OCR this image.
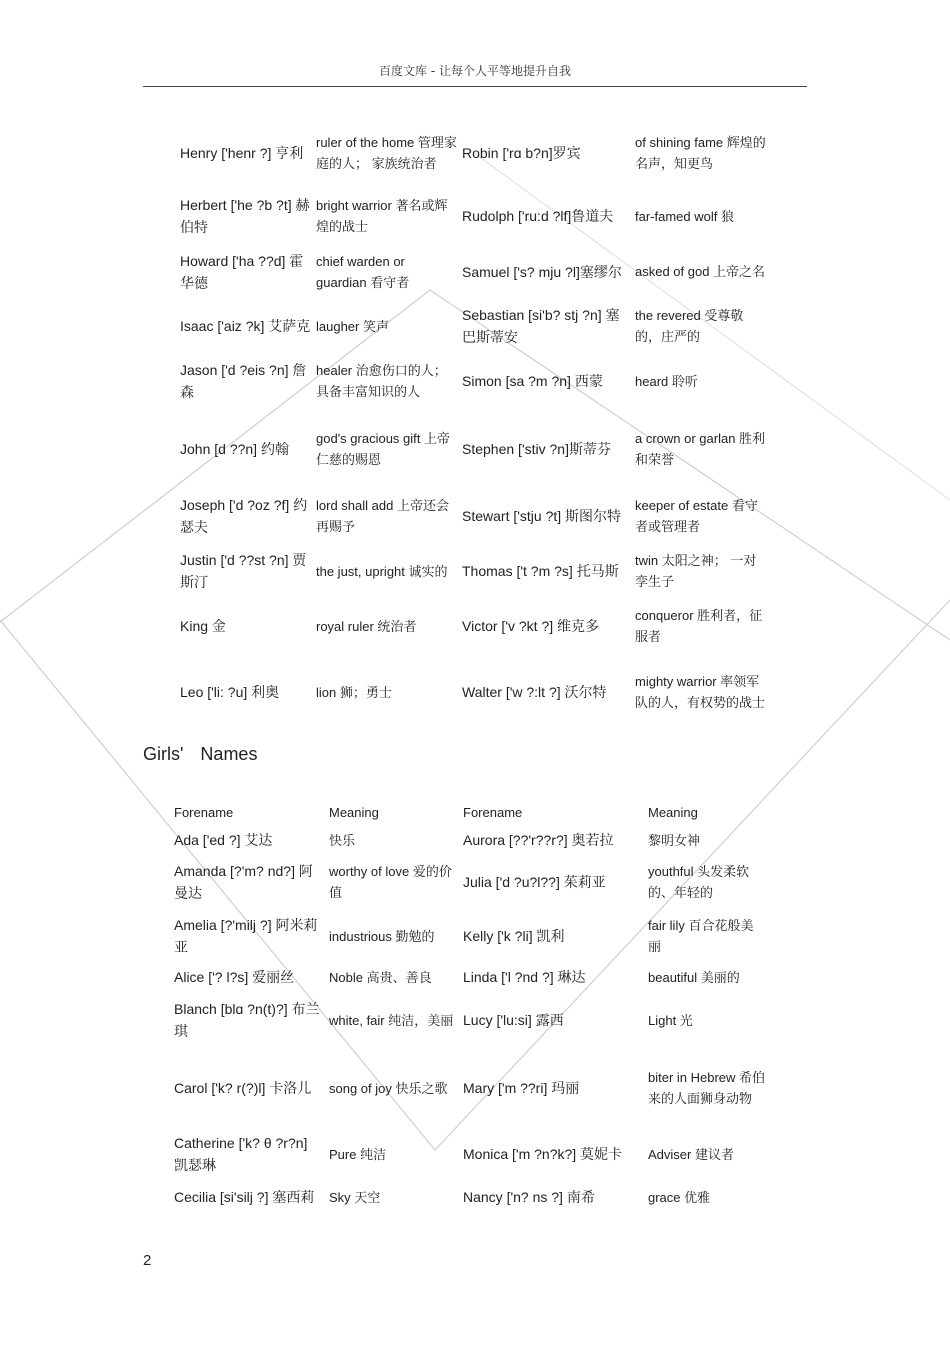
百度文库 - 让每个人平等地提升自我
Henry ['henr ?] 亨利	ruler of the home 管理家庭的人； 家族统治者	Robin ['rɑ b?n]罗宾	of shining fame 辉煌的名声，知更鸟
Herbert ['he ?b ?t] 赫伯特	bright warrior 著名或辉煌的战士	Rudolph ['ru:d ?lf]鲁道夫	far-famed wolf 狼
Howard ['ha ??d] 霍华德	chief warden or guardian 看守者	Samuel ['s? mju ?l]塞缪尔	asked of god 上帝之名
Isaac ['aiz ?k] 艾萨克	laugher 笑声	Sebastian [si'b? stj ?n] 塞巴斯蒂安	the revered 受尊敬的，庄严的
Jason ['d ?eis ?n] 詹森	healer 治愈伤口的人； 具备丰富知识的人	Simon [sa ?m ?n] 西蒙	heard 聆听
John [d ??n] 约翰	god's gracious gift 上帝仁慈的赐恩	Stephen ['stiv ?n]斯蒂芬	a crown or garlan 胜利和荣誉
Joseph ['d ?oz ?f] 约瑟夫	lord shall add 上帝还会再赐予	Stewart ['stju ?t] 斯图尔特	keeper of estate 看守者或管理者
Justin ['d ??st ?n] 贾斯汀	the just, upright 诚实的	Thomas ['t ?m ?s] 托马斯	twin 太阳之神； 一对孪生子
King 金	royal ruler 统治者	Victor ['v ?kt ?] 维克多	conqueror 胜利者，征服者
Leo ['li: ?u] 利奥	lion 狮；勇士	Walter ['w ?:lt ?] 沃尔特	mighty warrior 率领军队的人，有权势的战士
Girls' Names
Forename	Meaning	Forename	Meaning
Ada ['ed ?] 艾达	快乐	Aurora [??'r??r?] 奥若拉	黎明女神
Amanda [?'m? nd?] 阿曼达	worthy of love 爱的价值	Julia ['d ?u?l??] 茱莉亚	youthful 头发柔软的、年轻的
Amelia [?'milj ?] 阿米莉亚	industrious 勤勉的	Kelly ['k ?li] 凯利	fair lily 百合花般美丽
Alice ['? l?s] 爱丽丝	Noble 高贵、善良	Linda ['l ?nd ?] 琳达	beautiful 美丽的
Blanch [blɑ ?n(t)?] 布兰琪	white, fair 纯洁，美丽	Lucy ['lu:si] 露西	Light 光
Carol ['k? r(?)l] 卡洛儿	song of joy 快乐之歌	Mary ['m ??ri] 玛丽	biter in Hebrew 希伯来的人面狮身动物
Catherine ['k? θ ?r?n] 凯瑟琳	Pure 纯洁	Monica ['m ?n?k?] 莫妮卡	Adviser 建议者
Cecilia [si'silj ?] 塞西莉	Sky 天空	Nancy ['n? ns ?] 南希	grace 优雅
2
